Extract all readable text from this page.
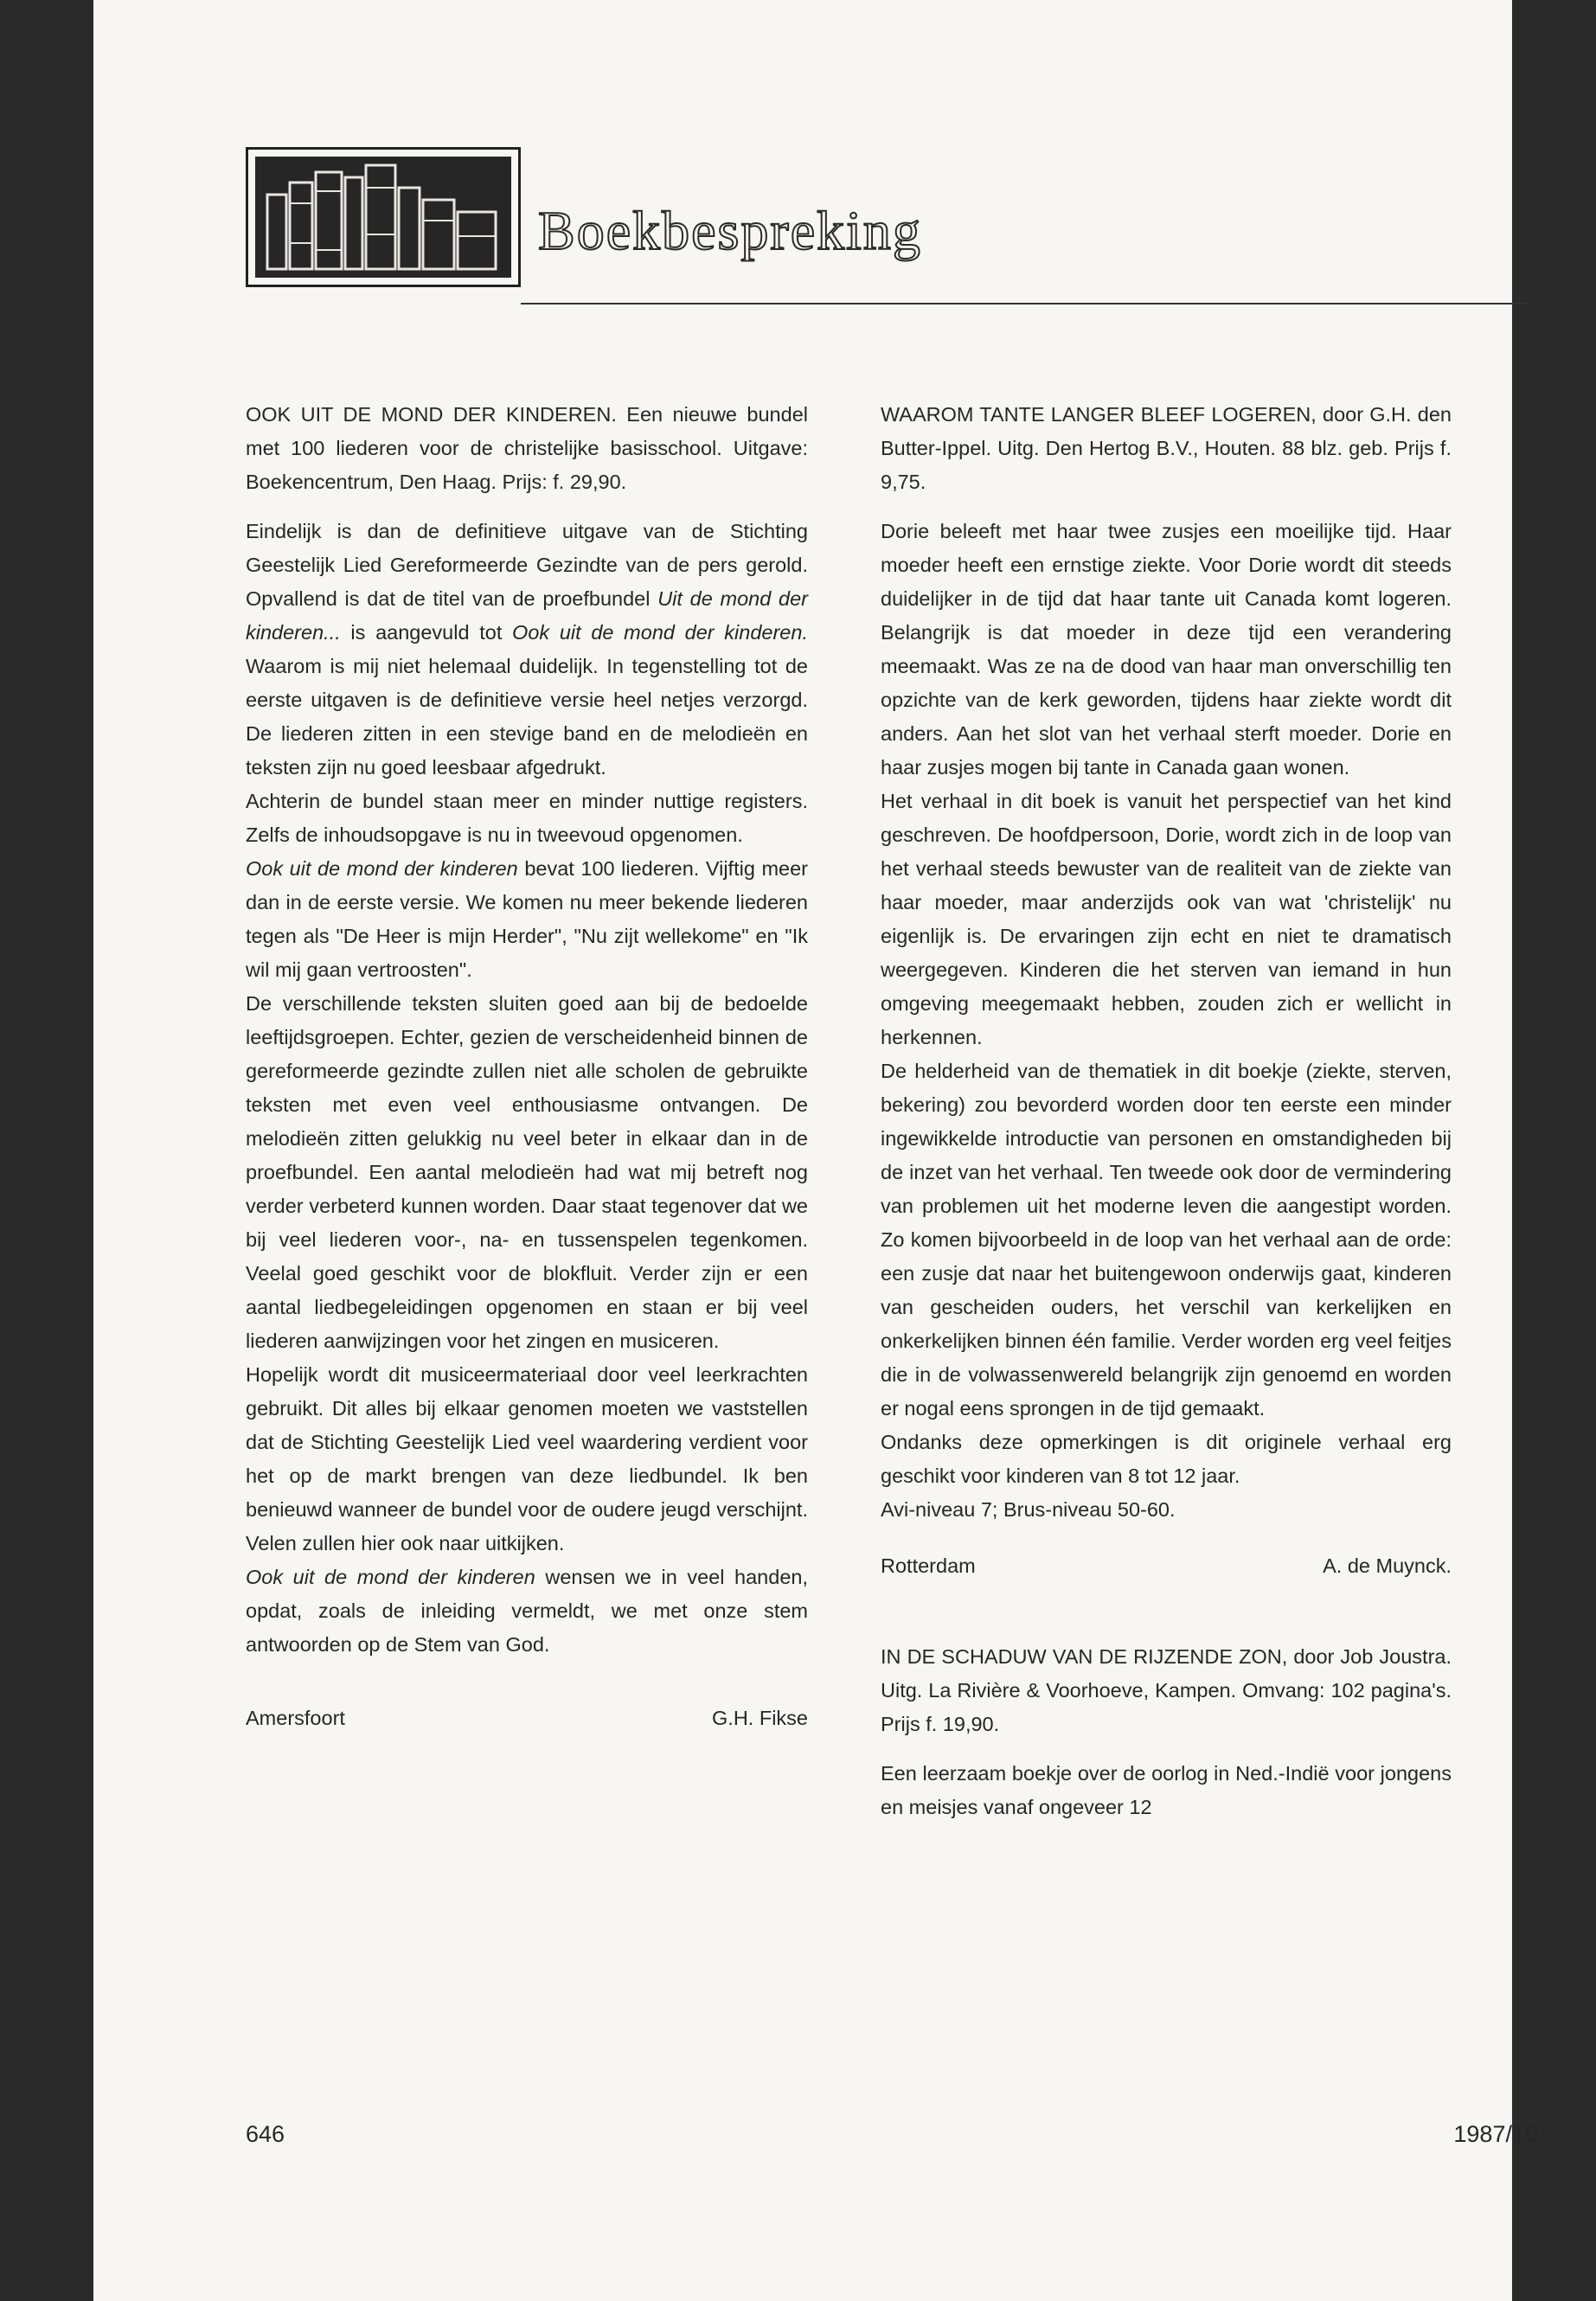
Boekbespreking

OOK UIT DE MOND DER KINDEREN. Een nieuwe bundel met 100 liederen voor de christelijke basisschool. Uitgave: Boekencentrum, Den Haag. Prijs: f. 29,90.

Eindelijk is dan de definitieve uitgave van de Stichting Geestelijk Lied Gereformeerde Gezindte van de pers gerold. Opvallend is dat de titel van de proefbundel Uit de mond der kinderen... is aangevuld tot Ook uit de mond der kinderen. Waarom is mij niet helemaal duidelijk. In tegenstelling tot de eerste uitgaven is de definitieve versie heel netjes verzorgd. De liederen zitten in een stevige band en de melodieën en teksten zijn nu goed leesbaar afgedrukt.

Achterin de bundel staan meer en minder nuttige registers. Zelfs de inhoudsopgave is nu in tweevoud opgenomen.

Ook uit de mond der kinderen bevat 100 liederen. Vijftig meer dan in de eerste versie. We komen nu meer bekende liederen tegen als "De Heer is mijn Herder", "Nu zijt wellekome" en "Ik wil mij gaan vertroosten".

De verschillende teksten sluiten goed aan bij de bedoelde leeftijdsgroepen. Echter, gezien de verscheidenheid binnen de gereformeerde gezindte zullen niet alle scholen de gebruikte teksten met even veel enthousiasme ontvangen. De melodieën zitten gelukkig nu veel beter in elkaar dan in de proefbundel. Een aantal melodieën had wat mij betreft nog verder verbeterd kunnen worden. Daar staat tegenover dat we bij veel liederen voor-, na- en tussenspelen tegenkomen. Veelal goed geschikt voor de blokfluit. Verder zijn er een aantal liedbegeleidingen opgenomen en staan er bij veel liederen aanwijzingen voor het zingen en musiceren.

Hopelijk wordt dit musiceermateriaal door veel leerkrachten gebruikt. Dit alles bij elkaar genomen moeten we vaststellen dat de Stichting Geestelijk Lied veel waardering verdient voor het op de markt brengen van deze liedbundel. Ik ben benieuwd wanneer de bundel voor de oudere jeugd verschijnt. Velen zullen hier ook naar uitkijken.

Ook uit de mond der kinderen wensen we in veel handen, opdat, zoals de inleiding vermeldt, we met onze stem antwoorden op de Stem van God.

Amersfoort	G.H. Fikse

WAAROM TANTE LANGER BLEEF LOGEREN, door G.H. den Butter-Ippel. Uitg. Den Hertog B.V., Houten. 88 blz. geb. Prijs f. 9,75.

Dorie beleeft met haar twee zusjes een moeilijke tijd. Haar moeder heeft een ernstige ziekte. Voor Dorie wordt dit steeds duidelijker in de tijd dat haar tante uit Canada komt logeren. Belangrijk is dat moeder in deze tijd een verandering meemaakt. Was ze na de dood van haar man onverschillig ten opzichte van de kerk geworden, tijdens haar ziekte wordt dit anders. Aan het slot van het verhaal sterft moeder. Dorie en haar zusjes mogen bij tante in Canada gaan wonen.

Het verhaal in dit boek is vanuit het perspectief van het kind geschreven. De hoofdpersoon, Dorie, wordt zich in de loop van het verhaal steeds bewuster van de realiteit van de ziekte van haar moeder, maar anderzijds ook van wat 'christelijk' nu eigenlijk is. De ervaringen zijn echt en niet te dramatisch weergegeven. Kinderen die het sterven van iemand in hun omgeving meegemaakt hebben, zouden zich er wellicht in herkennen.

De helderheid van de thematiek in dit boekje (ziekte, sterven, bekering) zou bevorderd worden door ten eerste een minder ingewikkelde introductie van personen en omstandigheden bij de inzet van het verhaal. Ten tweede ook door de vermindering van problemen uit het moderne leven die aangestipt worden. Zo komen bijvoorbeeld in de loop van het verhaal aan de orde: een zusje dat naar het buitengewoon onderwijs gaat, kinderen van gescheiden ouders, het verschil van kerkelijken en onkerkelijken binnen één familie. Verder worden erg veel feitjes die in de volwassenwereld belangrijk zijn genoemd en worden er nogal eens sprongen in de tijd gemaakt.

Ondanks deze opmerkingen is dit originele verhaal erg geschikt voor kinderen van 8 tot 12 jaar.

Avi-niveau 7; Brus-niveau 50-60.

Rotterdam	A. de Muynck.

IN DE SCHADUW VAN DE RIJZENDE ZON, door Job Joustra. Uitg. La Rivière & Voorhoeve, Kampen. Omvang: 102 pagina's. Prijs f. 19,90.

Een leerzaam boekje over de oorlog in Ned.-Indië voor jongens en meisjes vanaf ongeveer 12

646	1987/10
